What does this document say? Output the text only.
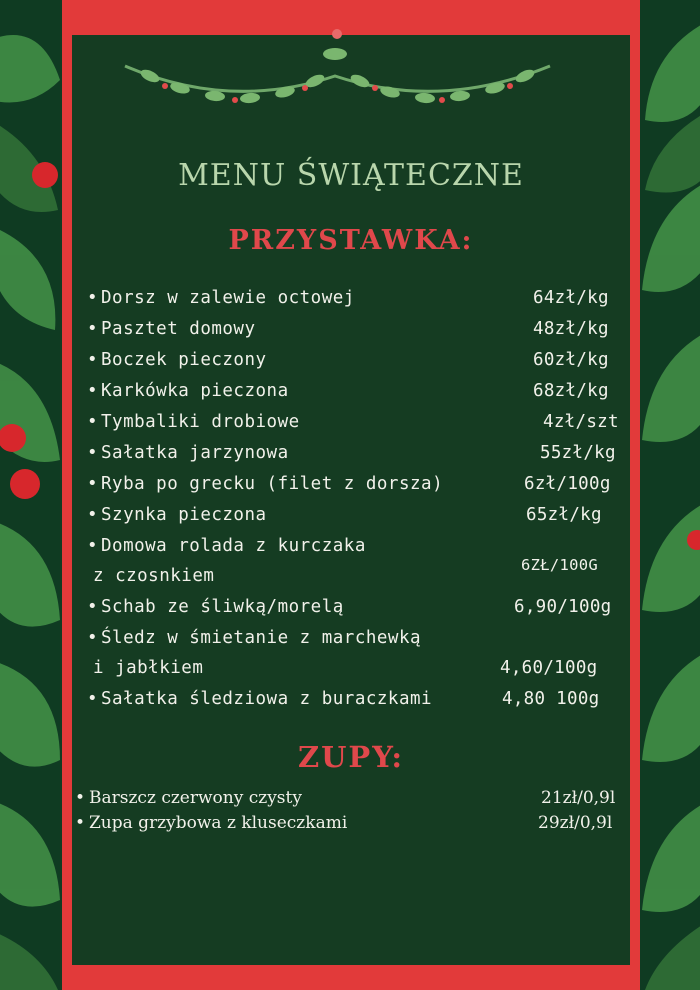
MENU ŚWIĄTECZNE
PRZYSTAWKA:
• Dorsz w zalewie octowej	64zł/kg
• Pasztet domowy	48zł/kg
• Boczek pieczony	60zł/kg
• Karkówka pieczona	68zł/kg
• Tymbaliki drobiowe	4zł/szt
• Sałatka jarzynowa	55zł/kg
• Ryba po grecku (filet z dorsza)	6zł/100g
• Szynka pieczona	65zł/kg
• Domowa rolada z kurczaka
z czosnkiem
6ZŁ/100G
• Schab ze śliwką/morelą	6,90/100g
• Śledz w śmietanie z marchewką
i jabłkiem	4,60/100g
• Sałatka śledziowa z buraczkami	4,80 100g
ZUPY:
• Barszcz czerwony czysty	21zł/0,9l
• Zupa grzybowa z kluseczkami	29zł/0,9l
